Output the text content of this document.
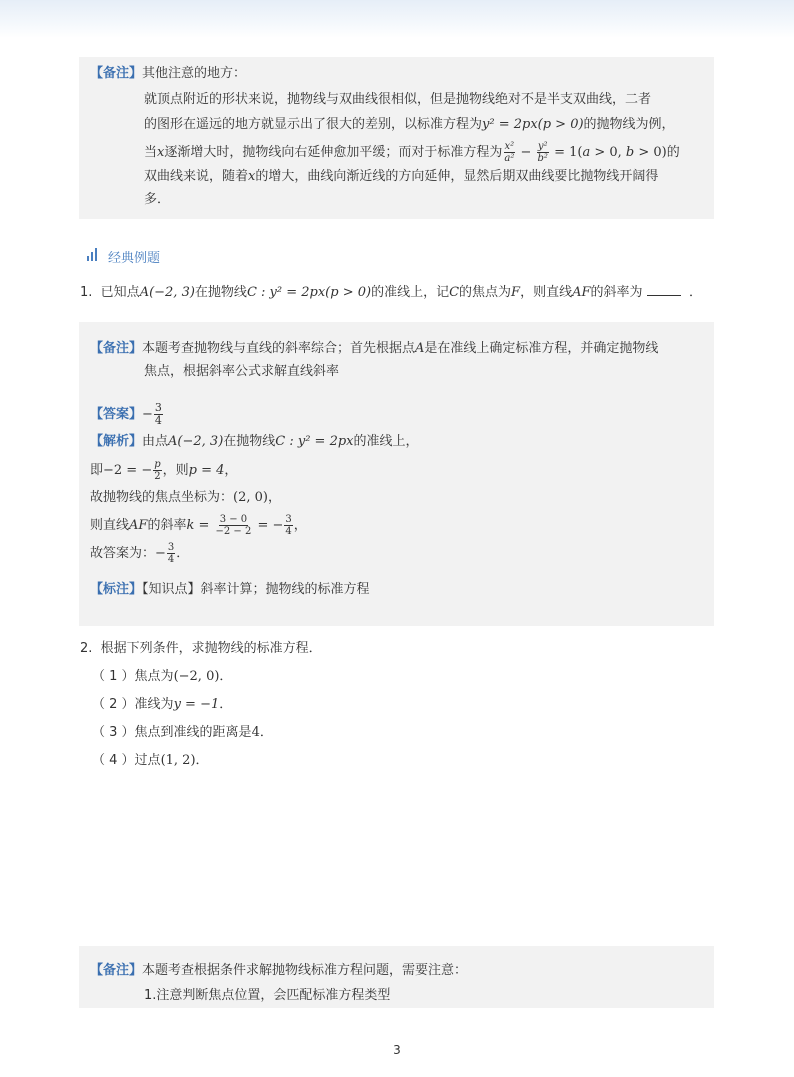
【备注】其他注意的地方：
就顶点附近的形状来说，抛物线与双曲线很相似，但是抛物线绝对不是半支双曲线，二者
的图形在遥远的地方就显示出了很大的差别，以标准方程为y² = 2px(p > 0)的抛物线为例，
当x逐渐增大时，抛物线向右延伸愈加平缓；而对于标准方程为 $\frac{\text{x²}}{\text{a²}} - \frac{\text{y²}}{\text{b²}} = 1(a > 0$, b > 0)的
双曲线来说，随着x的增大，曲线向渐近线的方向延伸，显然后期双曲线要比抛物线开阔得
多．
经典例题
1. 已知点A(−2, 3)在抛物线C : y² = 2px(p > 0)的准线上，记C的焦点为F，则直线AF的斜率为	．
【备注】本题考查抛物线与直线的斜率综合；首先根据点A是在准线上确定标准方程，并确定抛物线
焦点，根据斜率公式求解直线斜率
【答案】− $\frac{3}{4}$
【解析】由点A(−2, 3)在抛物线C : y² = 2px的准线上，
即−2 = − $\frac{p}{2}$ ，则p = 4，
故抛物线的焦点坐标为：(2, 0)，
则直线AF的斜率$k = \frac{3 - 0}{-2 - 2}$ = − $\frac{3}{4}$ ，
故答案为：− $\frac{3}{4}$ ．
【标注】【知识点】斜率计算；抛物线的标准方程
2. 根据下列条件，求抛物线的标准方程．
（ 1 ）焦点为(−2, 0)．
（ 2 ）准线为y = −1．
（ 3 ）焦点到准线的距离是4．
（ 4 ）过点(1, 2)．
【备注】本题考查根据条件求解抛物线标准方程问题，需要注意：
1.注意判断焦点位置，会匹配标准方程类型
3
